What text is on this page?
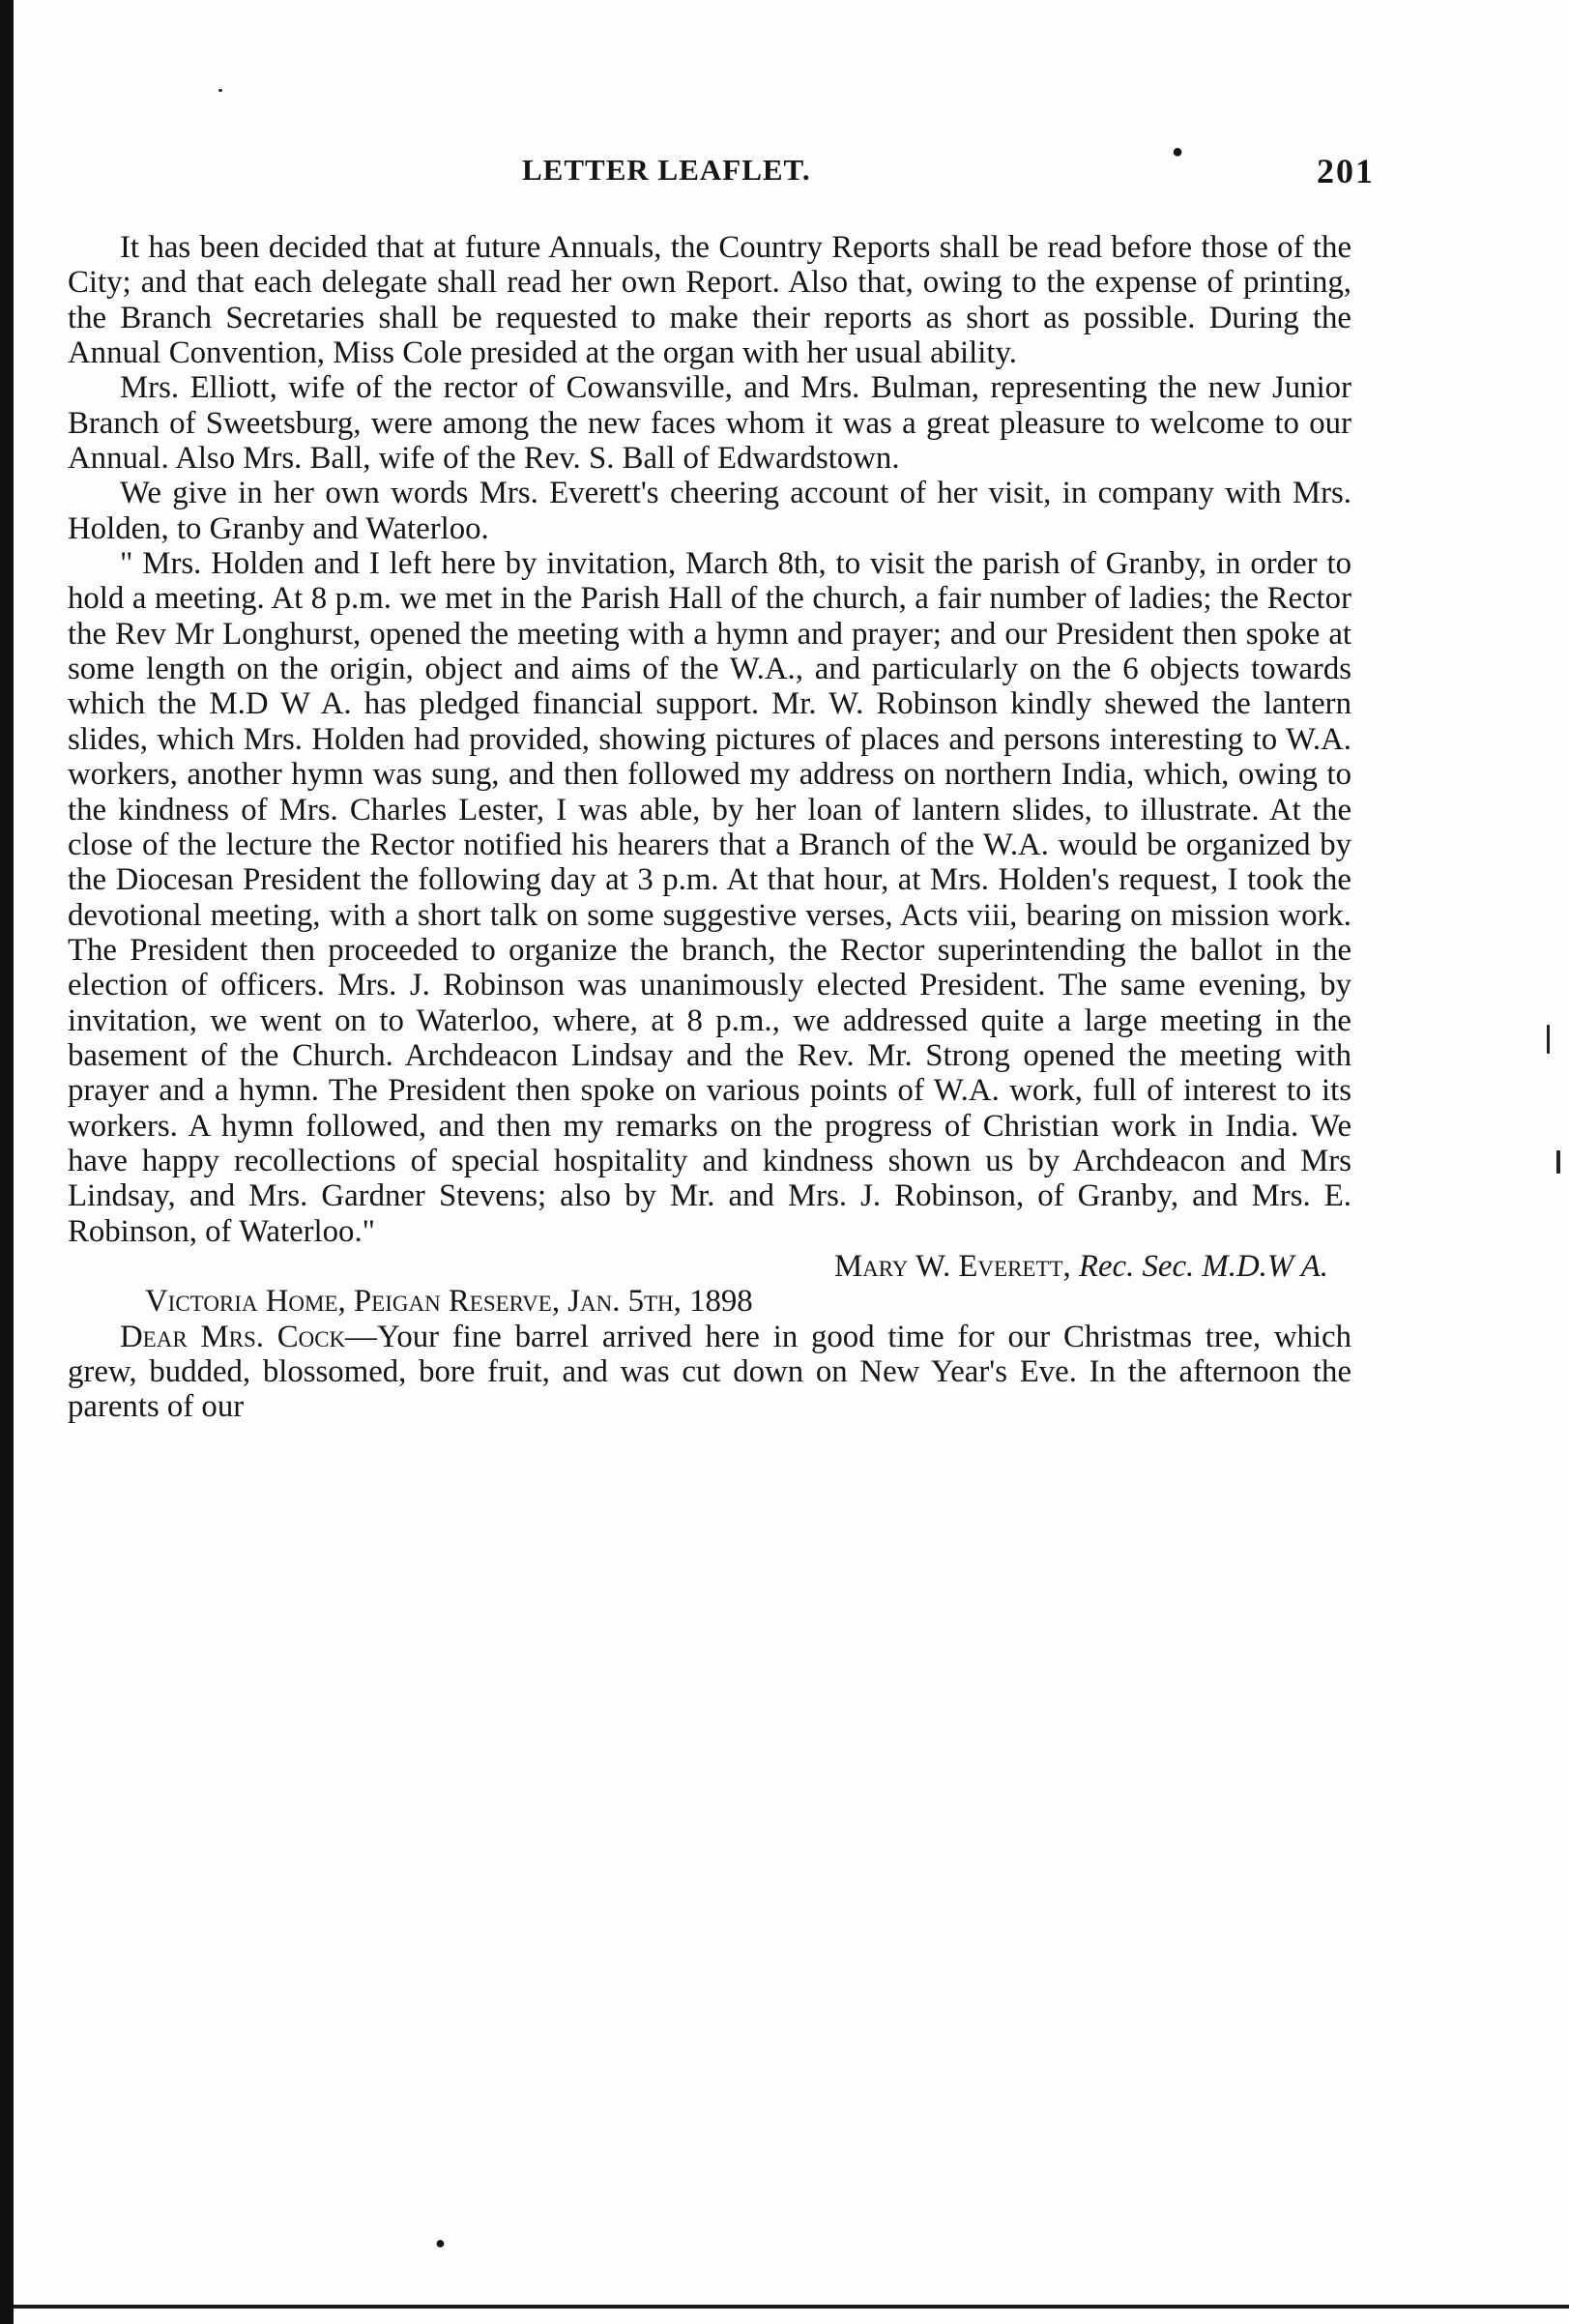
LETTER LEAFLET.
●	201

It has been decided that at future Annuals, the Country Reports shall be read before those of the City; and that each delegate shall read her own Report. Also that, owing to the expense of printing, the Branch Secretaries shall be requested to make their reports as short as possible. During the Annual Convention, Miss Cole presided at the organ with her usual ability.

Mrs. Elliott, wife of the rector of Cowansville, and Mrs. Bulman, representing the new Junior Branch of Sweetsburg, were among the new faces whom it was a great pleasure to welcome to our Annual. Also Mrs. Ball, wife of the Rev. S. Ball of Edwardstown.

We give in her own words Mrs. Everett's cheering account of her visit, in company with Mrs. Holden, to Granby and Waterloo.

" Mrs. Holden and I left here by invitation, March 8th, to visit the parish of Granby, in order to hold a meeting. At 8 p.m. we met in the Parish Hall of the church, a fair number of ladies; the Rector the Rev Mr Longhurst, opened the meeting with a hymn and prayer; and our President then spoke at some length on the origin, object and aims of the W.A., and particularly on the 6 objects towards which the M.D W A. has pledged financial support. Mr. W. Robinson kindly shewed the lantern slides, which Mrs. Holden had provided, showing pictures of places and persons interesting to W.A. workers, another hymn was sung, and then followed my address on northern India, which, owing to the kindness of Mrs. Charles Lester, I was able, by her loan of lantern slides, to illustrate. At the close of the lecture the Rector notified his hearers that a Branch of the W.A. would be organized by the Diocesan President the following day at 3 p.m. At that hour, at Mrs. Holden's request, I took the devotional meeting, with a short talk on some suggestive verses, Acts viii, bearing on mission work. The President then proceeded to organize the branch, the Rector superintending the ballot in the election of officers. Mrs. J. Robinson was unanimously elected President. The same evening, by invitation, we went on to Waterloo, where, at 8 p.m., we addressed quite a large meeting in the basement of the Church. Archdeacon Lindsay and the Rev. Mr. Strong opened the meeting with prayer and a hymn. The President then spoke on various points of W.A. work, full of interest to its workers. A hymn followed, and then my remarks on the progress of Christian work in India. We have happy recollections of special hospitality and kindness shown us by Archdeacon and Mrs Lindsay, and Mrs. Gardner Stevens; also by Mr. and Mrs. J. Robinson, of Granby, and Mrs. E. Robinson, of Waterloo."

Mary W. Everett, Rec. Sec. M.D.W A.

Victoria Home, Peigan Reserve, Jan. 5th, 1898

Dear Mrs. Cock—Your fine barrel arrived here in good time for our Christmas tree, which grew, budded, blossomed, bore fruit, and was cut down on New Year's Eve. In the afternoon the parents of our

●
